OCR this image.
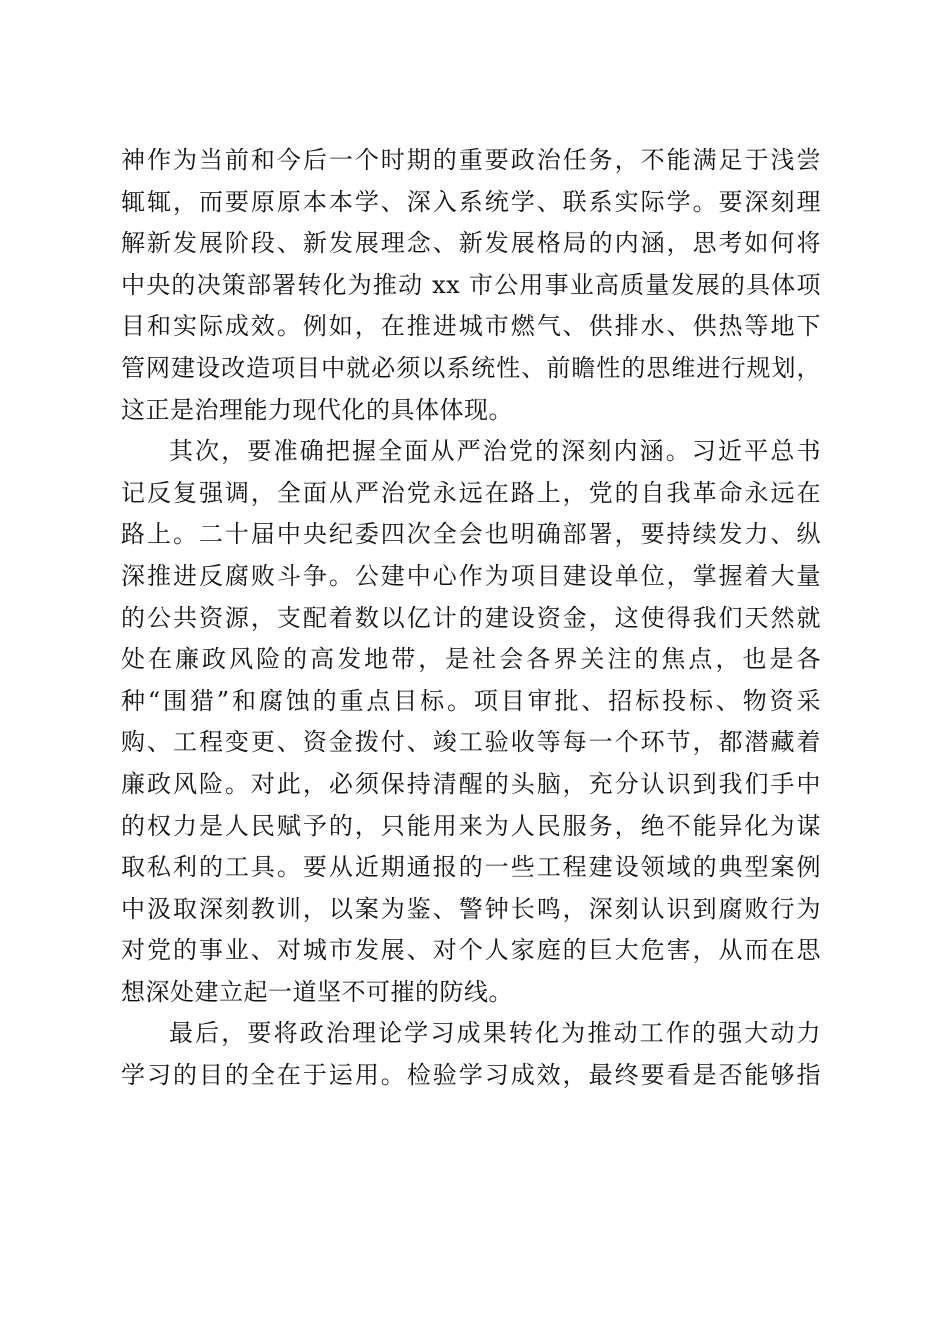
神作为当前和今后一个时期的重要政治任务，不能满足于浅尝
辄辄，而要原原本本学、深入系统学、联系实际学。要深刻理
解新发展阶段、新发展理念、新发展格局的内涵，思考如何将
中央的决策部署转化为推动 xx 市公用事业高质量发展的具体项
目和实际成效。例如，在推进城市燃气、供排水、供热等地下
管网建设改造项目中就必须以系统性、前瞻性的思维进行规划，
这正是治理能力现代化的具体体现。
其次，要准确把握全面从严治党的深刻内涵。习近平总书
记反复强调，全面从严治党永远在路上，党的自我革命永远在
路上。二十届中央纪委四次全会也明确部署，要持续发力、纵
深推进反腐败斗争。公建中心作为项目建设单位，掌握着大量
的公共资源，支配着数以亿计的建设资金，这使得我们天然就
处在廉政风险的高发地带，是社会各界关注的焦点，也是各
种“围猎”和腐蚀的重点目标。项目审批、招标投标、物资采
购、工程变更、资金拨付、竣工验收等每一个环节，都潜藏着
廉政风险。对此，必须保持清醒的头脑，充分认识到我们手中
的权力是人民赋予的，只能用来为人民服务，绝不能异化为谋
取私利的工具。要从近期通报的一些工程建设领域的典型案例
中汲取深刻教训，以案为鉴、警钟长鸣，深刻认识到腐败行为
对党的事业、对城市发展、对个人家庭的巨大危害，从而在思
想深处建立起一道坚不可摧的防线。
最后，要将政治理论学习成果转化为推动工作的强大动力
学习的目的全在于运用。检验学习成效，最终要看是否能够指
